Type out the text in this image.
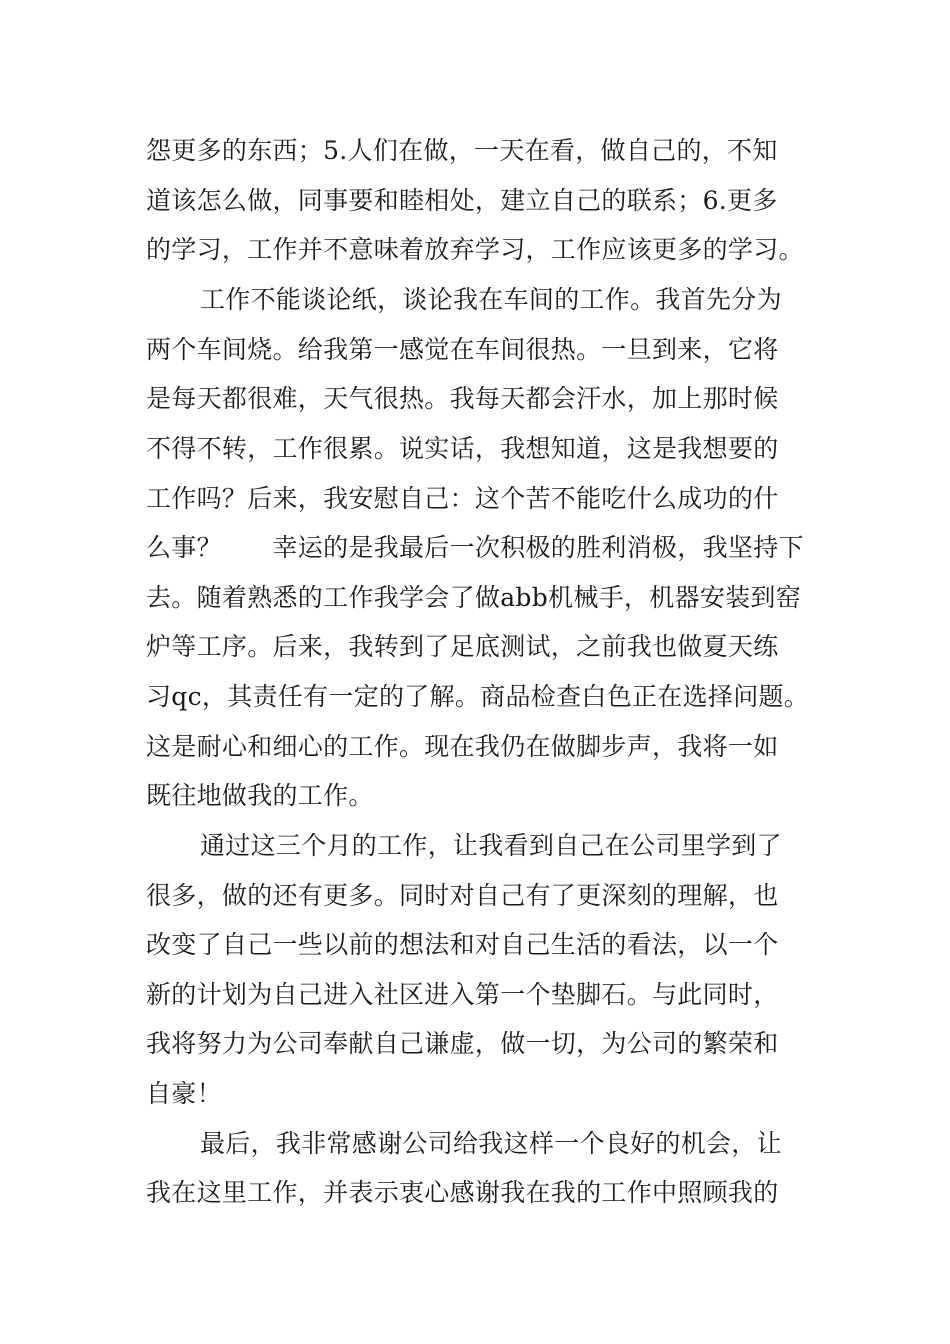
怨更多的东西；5.人们在做，一天在看，做自己的，不知
道该怎么做，同事要和睦相处，建立自己的联系；6.更多
的学习，工作并不意味着放弃学习，工作应该更多的学习。
工作不能谈论纸，谈论我在车间的工作。我首先分为
两个车间烧。给我第一感觉在车间很热。一旦到来，它将
是每天都很难，天气很热。我每天都会汗水，加上那时候
不得不转，工作很累。说实话，我想知道，这是我想要的
工作吗？后来，我安慰自己：这个苦不能吃什么成功的什
么事？　　幸运的是我最后一次积极的胜利消极，我坚持下
去。随着熟悉的工作我学会了做abb机械手，机器安装到窑
炉等工序。后来，我转到了足底测试，之前我也做夏天练
习qc，其责任有一定的了解。商品检查白色正在选择问题。
这是耐心和细心的工作。现在我仍在做脚步声，我将一如
既往地做我的工作。
通过这三个月的工作，让我看到自己在公司里学到了
很多，做的还有更多。同时对自己有了更深刻的理解，也
改变了自己一些以前的想法和对自己生活的看法，以一个
新的计划为自己进入社区进入第一个垫脚石。与此同时，
我将努力为公司奉献自己谦虚，做一切，为公司的繁荣和
自豪！
最后，我非常感谢公司给我这样一个良好的机会，让
我在这里工作，并表示衷心感谢我在我的工作中照顾我的
